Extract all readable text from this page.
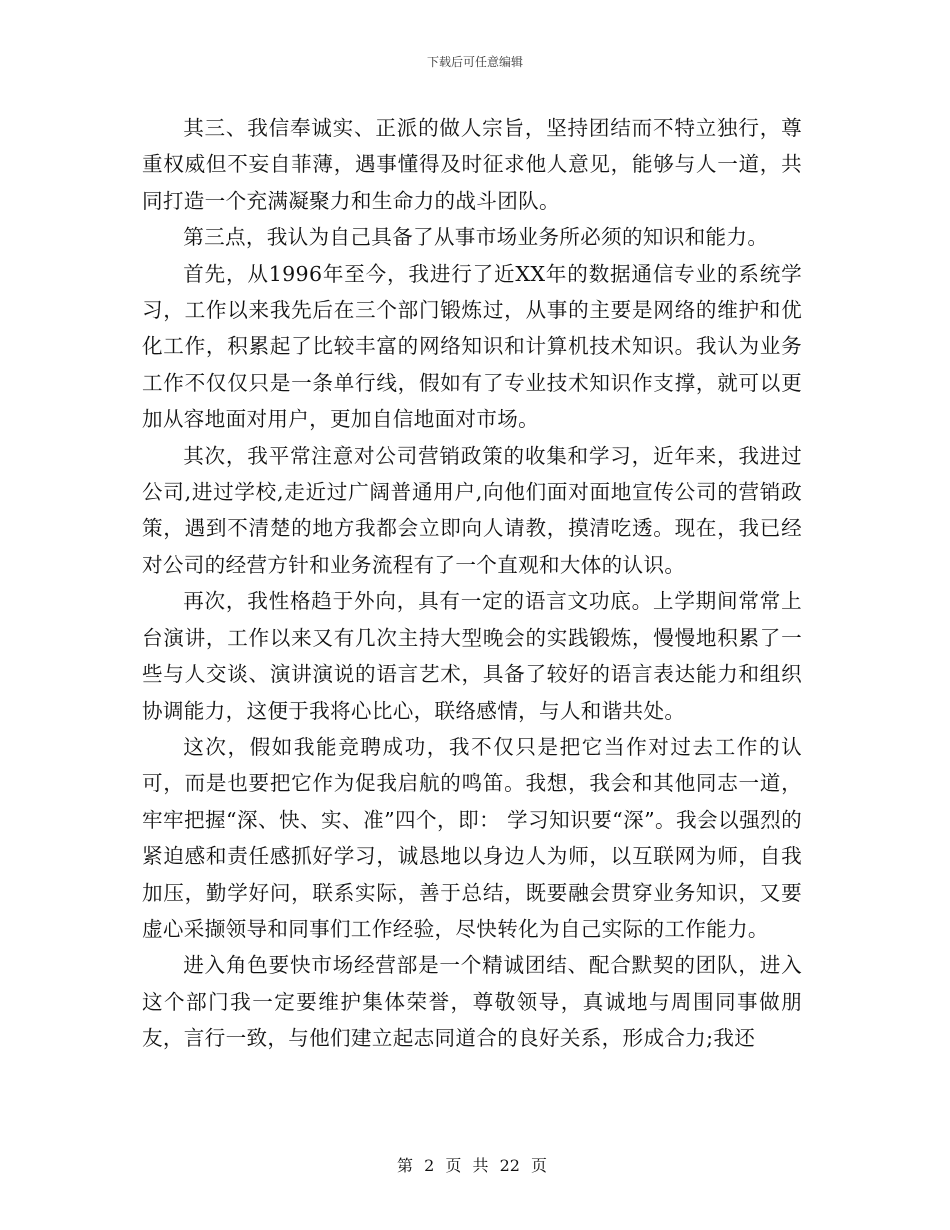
下载后可任意编辑

其三、我信奉诚实、正派的做人宗旨，坚持团结而不特立独行，尊重权威但不妄自菲薄，遇事懂得及时征求他人意见，能够与人一道，共同打造一个充满凝聚力和生命力的战斗团队。

第三点，我认为自己具备了从事市场业务所必须的知识和能力。

首先，从1996年至今，我进行了近XX年的数据通信专业的系统学习，工作以来我先后在三个部门锻炼过，从事的主要是网络的维护和优化工作，积累起了比较丰富的网络知识和计算机技术知识。我认为业务工作不仅仅只是一条单行线，假如有了专业技术知识作支撑，就可以更加从容地面对用户，更加自信地面对市场。

其次，我平常注意对公司营销政策的收集和学习，近年来，我进过公司,进过学校,走近过广阔普通用户,向他们面对面地宣传公司的营销政策，遇到不清楚的地方我都会立即向人请教，摸清吃透。现在，我已经对公司的经营方针和业务流程有了一个直观和大体的认识。

再次，我性格趋于外向，具有一定的语言文功底。上学期间常常上台演讲，工作以来又有几次主持大型晚会的实践锻炼，慢慢地积累了一些与人交谈、演讲演说的语言艺术，具备了较好的语言表达能力和组织协调能力，这便于我将心比心，联络感情，与人和谐共处。

这次，假如我能竞聘成功，我不仅只是把它当作对过去工作的认可，而是也要把它作为促我启航的鸣笛。我想，我会和其他同志一道，牢牢把握“深、快、实、准”四个，即： 学习知识要“深”。我会以强烈的紧迫感和责任感抓好学习，诚恳地以身边人为师，以互联网为师，自我加压，勤学好问，联系实际，善于总结，既要融会贯穿业务知识，又要虚心采撷领导和同事们工作经验，尽快转化为自己实际的工作能力。

进入角色要快市场经营部是一个精诚团结、配合默契的团队，进入这个部门我一定要维护集体荣誉，尊敬领导，真诚地与周围同事做朋友，言行一致，与他们建立起志同道合的良好关系，形成合力;我还

第 2 页 共 22 页
